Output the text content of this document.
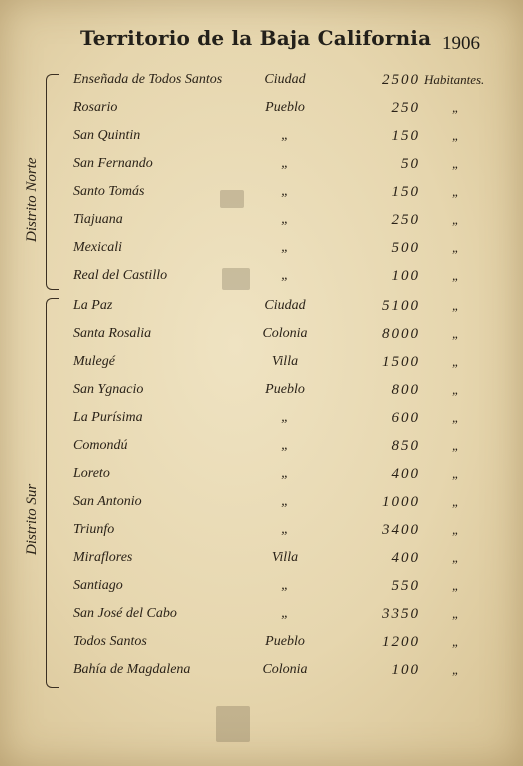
Territorio de la Baja California 1906
Distrito Norte
Distrito Sur
Enseñada de Todos Santos	Ciudad	2500 Habitantes.
Rosario	Pueblo	250 „
San Quintin	„	150 „
San Fernando	„	50 „
Santo Tomás	„	150 „
Tiajuana	„	250 „
Mexicali	„	500 „
Real del Castillo	„	100 „
La Paz	Ciudad	5100 „
Santa Rosalia	Colonia	8000 „
Mulegé	Villa	1500 „
San Ygnacio	Pueblo	800 „
La Purísima	„	600 „
Comondú	„	850 „
Loreto	„	400 „
San Antonio	„	1000 „
Triunfo	„	3400 „
Miraflores	Villa	400 „
Santiago	„	550 „
San José del Cabo	„	3350 „
Todos Santos	Pueblo	1200 „
Bahía de Magdalena	Colonia	100 „
